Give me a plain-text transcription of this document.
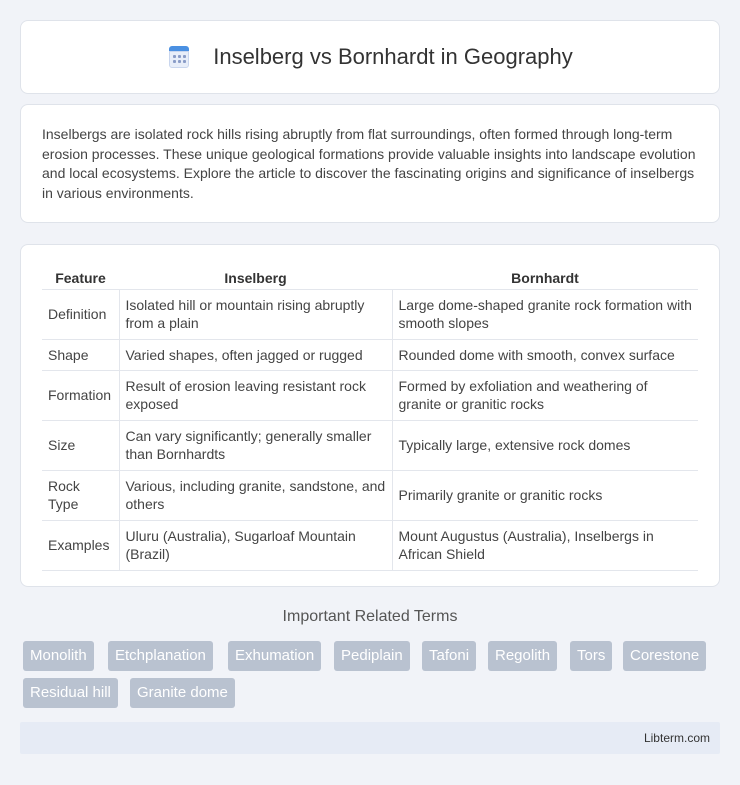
Inselberg vs Bornhardt in Geography

Inselbergs are isolated rock hills rising abruptly from flat surroundings, often formed through long-term erosion processes. These unique geological formations provide valuable insights into landscape evolution and local ecosystems. Explore the article to discover the fascinating origins and significance of inselbergs in various environments.

Feature	Inselberg	Bornhardt
Definition	Isolated hill or mountain rising abruptly from a plain	Large dome-shaped granite rock formation with smooth slopes
Shape	Varied shapes, often jagged or rugged	Rounded dome with smooth, convex surface
Formation	Result of erosion leaving resistant rock exposed	Formed by exfoliation and weathering of granite or granitic rocks
Size	Can vary significantly; generally smaller than Bornhardts	Typically large, extensive rock domes
Rock Type	Various, including granite, sandstone, and others	Primarily granite or granitic rocks
Examples	Uluru (Australia), Sugarloaf Mountain (Brazil)	Mount Augustus (Australia), Inselbergs in African Shield
Important Related Terms
Monolith	Etchplanation	Exhumation	Pediplain	Tafoni	Regolith	Tors	Corestone
Residual hill	Granite dome
Libterm.com
